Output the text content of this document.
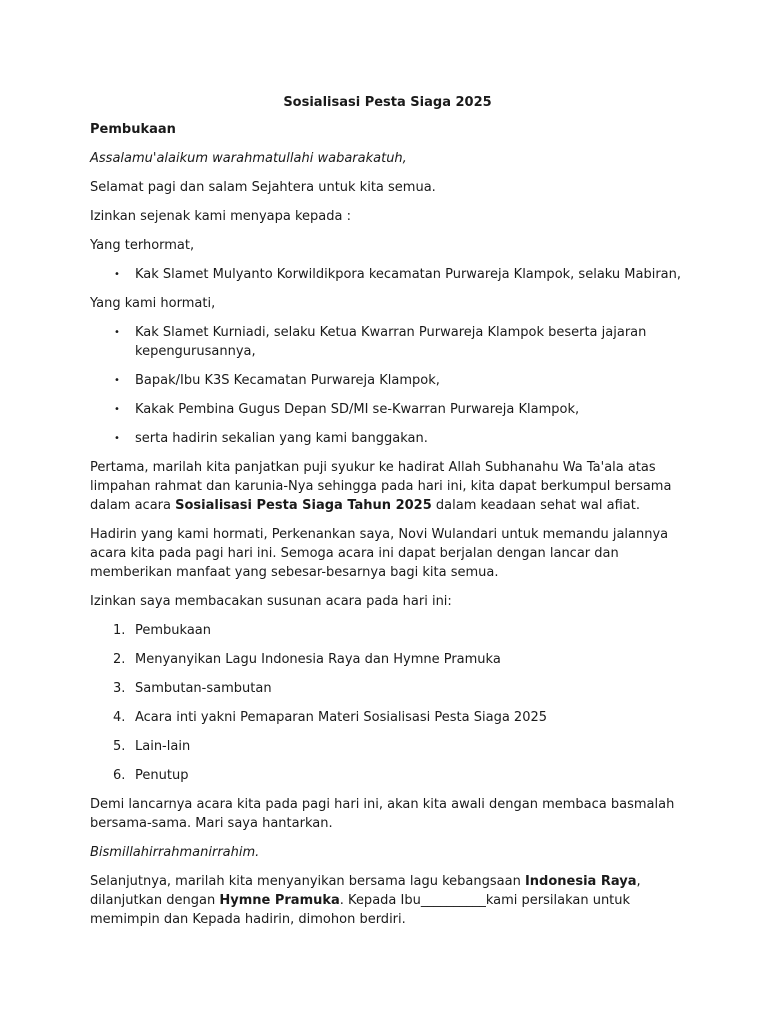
Sosialisasi Pesta Siaga 2025
Pembukaan

Assalamu'alaikum warahmatullahi wabarakatuh,

Selamat pagi dan salam Sejahtera untuk kita semua.

Izinkan sejenak kami menyapa kepada :

Yang terhormat,

• Kak Slamet Mulyanto Korwildikpora kecamatan Purwareja Klampok, selaku Mabiran,

Yang kami hormati,

• Kak Slamet Kurniadi, selaku Ketua Kwarran Purwareja Klampok beserta jajaran kepengurusannya,
• Bapak/Ibu K3S Kecamatan Purwareja Klampok,
• Kakak Pembina Gugus Depan SD/MI se-Kwarran Purwareja Klampok,
• serta hadirin sekalian yang kami banggakan.

Pertama, marilah kita panjatkan puji syukur ke hadirat Allah Subhanahu Wa Ta'ala atas limpahan rahmat dan karunia-Nya sehingga pada hari ini, kita dapat berkumpul bersama dalam acara Sosialisasi Pesta Siaga Tahun 2025 dalam keadaan sehat wal afiat.

Hadirin yang kami hormati, Perkenankan saya, Novi Wulandari untuk memandu jalannya acara kita pada pagi hari ini. Semoga acara ini dapat berjalan dengan lancar dan memberikan manfaat yang sebesar-besarnya bagi kita semua.

Izinkan saya membacakan susunan acara pada hari ini:

1. Pembukaan
2. Menyanyikan Lagu Indonesia Raya dan Hymne Pramuka
3. Sambutan-sambutan
4. Acara inti yakni Pemaparan Materi Sosialisasi Pesta Siaga 2025
5. Lain-lain
6. Penutup

Demi lancarnya acara kita pada pagi hari ini, akan kita awali dengan membaca basmalah bersama-sama. Mari saya hantarkan.

Bismillahirrahmanirrahim.

Selanjutnya, marilah kita menyanyikan bersama lagu kebangsaan Indonesia Raya, dilanjutkan dengan Hymne Pramuka. Kepada Ibu__________kami persilakan untuk memimpin dan Kepada hadirin, dimohon berdiri.
